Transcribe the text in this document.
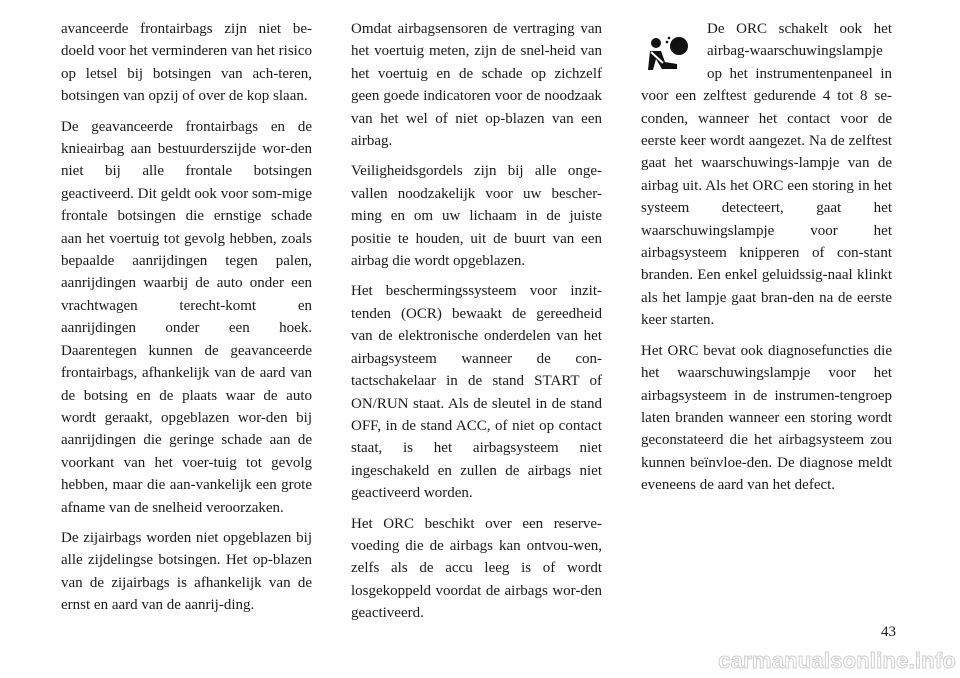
avanceerde frontairbags zijn niet be-doeld voor het verminderen van het risico op letsel bij botsingen van ach-teren, botsingen van opzij of over de kop slaan.

De geavanceerde frontairbags en de knieairbag aan bestuurderszijde wor-den niet bij alle frontale botsingen geactiveerd. Dit geldt ook voor som-mige frontale botsingen die ernstige schade aan het voertuig tot gevolg hebben, zoals bepaalde aanrijdingen tegen palen, aanrijdingen waarbij de auto onder een vrachtwagen terecht-komt en aanrijdingen onder een hoek. Daarentegen kunnen de geavanceerde frontairbags, afhankelijk van de aard van de botsing en de plaats waar de auto wordt geraakt, opgeblazen wor-den bij aanrijdingen die geringe schade aan de voorkant van het voer-tuig tot gevolg hebben, maar die aan-vankelijk een grote afname van de snelheid veroorzaken.

De zijairbags worden niet opgeblazen bij alle zijdelingse botsingen. Het op-blazen van de zijairbags is afhankelijk van de ernst en aard van de aanrij-ding.

Omdat airbagsensoren de vertraging van het voertuig meten, zijn de snel-heid van het voertuig en de schade op zichzelf geen goede indicatoren voor de noodzaak van het wel of niet op-blazen van een airbag.

Veiligheidsgordels zijn bij alle onge-vallen noodzakelijk voor uw bescher-ming en om uw lichaam in de juiste positie te houden, uit de buurt van een airbag die wordt opgeblazen.

Het beschermingssysteem voor inzit-tenden (OCR) bewaakt de gereedheid van de elektronische onderdelen van het airbagsysteem wanneer de con-tactschakelaar in de stand START of ON/RUN staat. Als de sleutel in de stand OFF, in de stand ACC, of niet op contact staat, is het airbagsysteem niet ingeschakeld en zullen de airbags niet geactiveerd worden.

Het ORC beschikt over een reserve-voeding die de airbags kan ontvou-wen, zelfs als de accu leeg is of wordt losgekoppeld voordat de airbags wor-den geactiveerd.

De ORC schakelt ook het airbag-waarschuwingslampje op het instrumentenpaneel in voor een zelftest gedurende 4 tot 8 se-conden, wanneer het contact voor de eerste keer wordt aangezet. Na de zelftest gaat het waarschuwings-lampje van de airbag uit. Als het ORC een storing in het systeem detecteert, gaat het waarschuwingslampje voor het airbagsysteem knipperen of con-stant branden. Een enkel geluidssig-naal klinkt als het lampje gaat bran-den na de eerste keer starten.

Het ORC bevat ook diagnosefuncties die het waarschuwingslampje voor het airbagsysteem in de instrumen-tengroep laten branden wanneer een storing wordt geconstateerd die het airbagsysteem zou kunnen beïnvloe-den. De diagnose meldt eveneens de aard van het defect.

43
carmanualsonline.info
